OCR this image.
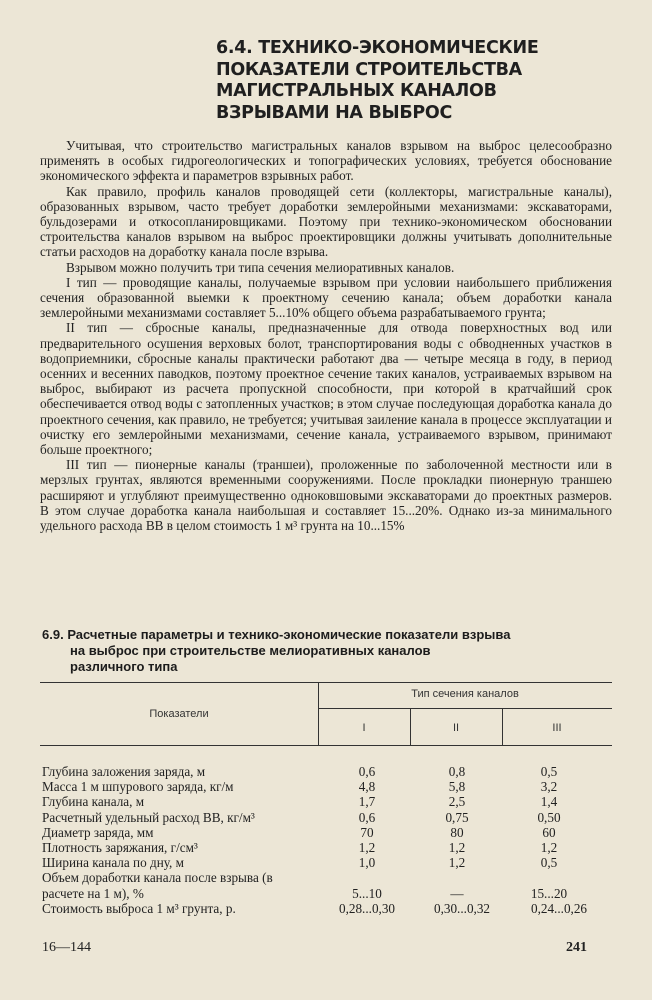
6.4. ТЕХНИКО-ЭКОНОМИЧЕСКИЕ
ПОКАЗАТЕЛИ СТРОИТЕЛЬСТВА
МАГИСТРАЛЬНЫХ КАНАЛОВ
ВЗРЫВАМИ НА ВЫБРОС

Учитывая, что строительство магистральных каналов взрывом на выброс целесообразно применять в особых гидрогеологических и топографических условиях, требуется обоснование экономического эффекта и параметров взрывных работ.

Как правило, профиль каналов проводящей сети (коллекторы, магистральные каналы), образованных взрывом, часто требует доработки землеройными механизмами: экскаваторами, бульдозерами и откосопланировщиками. Поэтому при технико-экономическом обосновании строительства каналов взрывом на выброс проектировщики должны учитывать дополнительные статьи расходов на доработку канала после взрыва.

Взрывом можно получить три типа сечения мелиоративных каналов.

I тип — проводящие каналы, получаемые взрывом при условии наибольшего приближения сечения образованной выемки к проектному сечению канала; объем доработки канала землеройными механизмами составляет 5...10% общего объема разрабатываемого грунта;

II тип — сбросные каналы, предназначенные для отвода поверхностных вод или предварительного осушения верховых болот, транспортирования воды с обводненных участков в водоприемники, сбросные каналы практически работают два — четыре месяца в году, в период осенних и весенних паводков, поэтому проектное сечение таких каналов, устраиваемых взрывом на выброс, выбирают из расчета пропускной способности, при которой в кратчайший срок обеспечивается отвод воды с затопленных участков; в этом случае последующая доработка канала до проектного сечения, как правило, не требуется; учитывая заиление канала в процессе эксплуатации и очистку его землеройными механизмами, сечение канала, устраиваемого взрывом, принимают больше проектного;

III тип — пионерные каналы (траншеи), проложенные по заболоченной местности или в мерзлых грунтах, являются временными сооружениями. После прокладки пионерную траншею расширяют и углубляют преимущественно одноковшовыми экскаваторами до проектных размеров. В этом случае доработка канала наибольшая и составляет 15...20%. Однако из-за минимального удельного расхода ВВ в целом стоимость 1 м³ грунта на 10...15%

6.9. Расчетные параметры и технико-экономические показатели взрыва
на выброс при строительстве мелиоративных каналов
различного типа
Показатели
Тип сечения каналов
I	II	III
Глубина заложения заряда, м	0,6	0,8	0,5
Масса 1 м шпурового заряда, кг/м	4,8	5,8	3,2
Глубина канала, м	1,7	2,5	1,4
Расчетный удельный расход ВВ, кг/м³	0,6	0,75	0,50
Диаметр заряда, мм	70	80	60
Плотность заряжания, г/см³	1,2	1,2	1,2
Ширина канала по дну, м	1,0	1,2	0,5
Объем доработки канала после взрыва (в расчете на 1 м), %	5...10	—	15...20
Стоимость выброса 1 м³ грунта, р.	0,28...0,30	0,30...0,32	0,24...0,26
16—144	241
